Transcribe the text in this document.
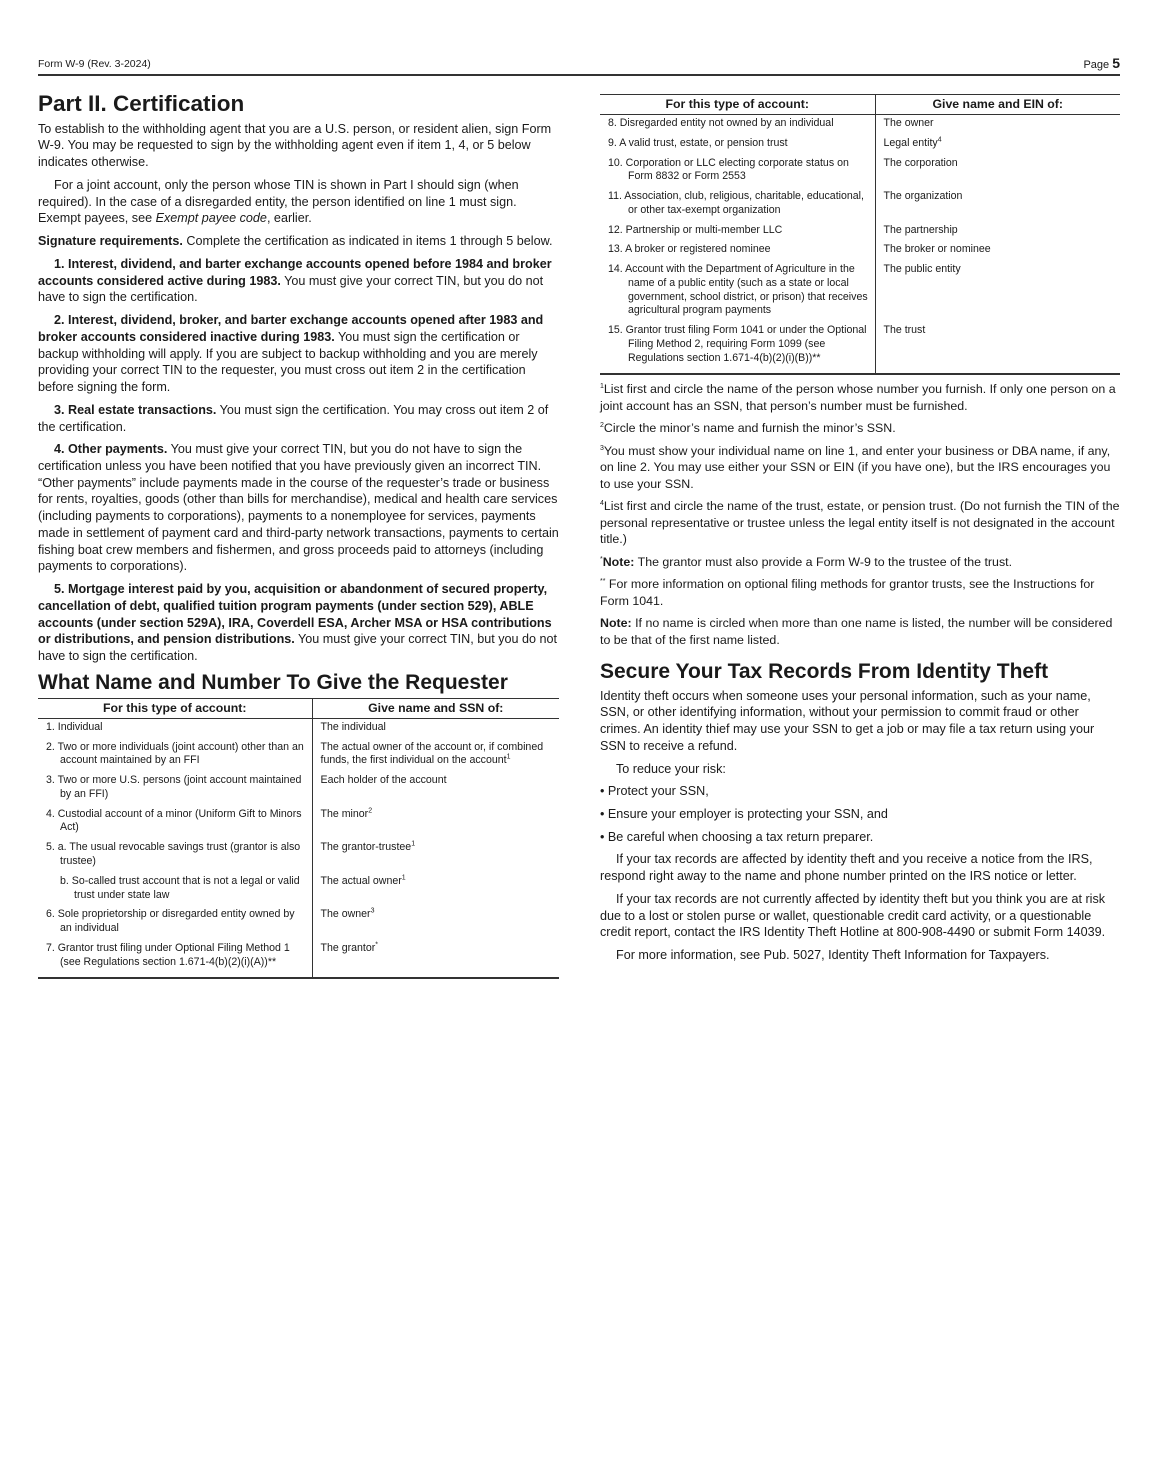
Form W-9 (Rev. 3-2024)	Page 5
Part II. Certification

To establish to the withholding agent that you are a U.S. person, or resident alien, sign Form W-9. You may be requested to sign by the withholding agent even if item 1, 4, or 5 below indicates otherwise.

For a joint account, only the person whose TIN is shown in Part I should sign (when required). In the case of a disregarded entity, the person identified on line 1 must sign. Exempt payees, see Exempt payee code, earlier.

Signature requirements. Complete the certification as indicated in items 1 through 5 below.

1. Interest, dividend, and barter exchange accounts opened before 1984 and broker accounts considered active during 1983. You must give your correct TIN, but you do not have to sign the certification.

2. Interest, dividend, broker, and barter exchange accounts opened after 1983 and broker accounts considered inactive during 1983. You must sign the certification or backup withholding will apply. If you are subject to backup withholding and you are merely providing your correct TIN to the requester, you must cross out item 2 in the certification before signing the form.

3. Real estate transactions. You must sign the certification. You may cross out item 2 of the certification.

4. Other payments. You must give your correct TIN, but you do not have to sign the certification unless you have been notified that you have previously given an incorrect TIN. “Other payments” include payments made in the course of the requester’s trade or business for rents, royalties, goods (other than bills for merchandise), medical and health care services (including payments to corporations), payments to a nonemployee for services, payments made in settlement of payment card and third-party network transactions, payments to certain fishing boat crew members and fishermen, and gross proceeds paid to attorneys (including payments to corporations).

5. Mortgage interest paid by you, acquisition or abandonment of secured property, cancellation of debt, qualified tuition program payments (under section 529), ABLE accounts (under section 529A), IRA, Coverdell ESA, Archer MSA or HSA contributions or distributions, and pension distributions. You must give your correct TIN, but you do not have to sign the certification.

What Name and Number To Give the Requester
For this type of account:	Give name and SSN of:

1. Individual	The individual

2. Two or more individuals (joint account) other than an account maintained by an FFI	The actual owner of the account or, if combined funds, the first individual on the account$^1$

3. Two or more U.S. persons (joint account maintained by an FFI)	Each holder of the account

4. Custodial account of a minor (Uniform Gift to Minors Act)	The minor$^2$

5. a. The usual revocable savings trust (grantor is also trustee)	The grantor-trustee$^1$

b. So-called trust account that is not a legal or valid trust under state law	The actual owner$^1$

6. Sole proprietorship or disregarded entity owned by an individual	The owner$^3$

7. Grantor trust filing under Optional Filing Method 1 (see Regulations section 1.671-4(b)(2)(i)(A))**	The grantor*
For this type of account:	Give name and EIN of:

8. Disregarded entity not owned by an individual	The owner

9. A valid trust, estate, or pension trust	Legal entity$^4$

10. Corporation or LLC electing corporate status on Form 8832 or Form 2553	The corporation

11. Association, club, religious, charitable, educational, or other tax-exempt organization	The organization

12. Partnership or multi-member LLC	The partnership

13. A broker or registered nominee	The broker or nominee

14. Account with the Department of Agriculture in the name of a public entity (such as a state or local government, school district, or prison) that receives agricultural program payments	The public entity

15. Grantor trust filing Form 1041 or under the Optional Filing Method 2, requiring Form 1099 (see Regulations section 1.671-4(b)(2)(i)(B))**	The trust

$^1$List first and circle the name of the person whose number you furnish. If only one person on a joint account has an SSN, that person’s number must be furnished.

$^2$Circle the minor’s name and furnish the minor’s SSN.

$^3$You must show your individual name on line 1, and enter your business or DBA name, if any, on line 2. You may use either your SSN or EIN (if you have one), but the IRS encourages you to use your SSN.

$^4$List first and circle the name of the trust, estate, or pension trust. (Do not furnish the TIN of the personal representative or trustee unless the legal entity itself is not designated in the account title.)

*Note: The grantor must also provide a Form W-9 to the trustee of the trust.

** For more information on optional filing methods for grantor trusts, see the Instructions for Form 1041.

Note: If no name is circled when more than one name is listed, the number will be considered to be that of the first name listed.

Secure Your Tax Records From Identity Theft

Identity theft occurs when someone uses your personal information, such as your name, SSN, or other identifying information, without your permission to commit fraud or other crimes. An identity thief may use your SSN to get a job or may file a tax return using your SSN to receive a refund.

To reduce your risk:

• Protect your SSN,
• Ensure your employer is protecting your SSN, and
• Be careful when choosing a tax return preparer.

If your tax records are affected by identity theft and you receive a notice from the IRS, respond right away to the name and phone number printed on the IRS notice or letter.

If your tax records are not currently affected by identity theft but you think you are at risk due to a lost or stolen purse or wallet, questionable credit card activity, or a questionable credit report, contact the IRS Identity Theft Hotline at 800-908-4490 or submit Form 14039.

For more information, see Pub. 5027, Identity Theft Information for Taxpayers.
